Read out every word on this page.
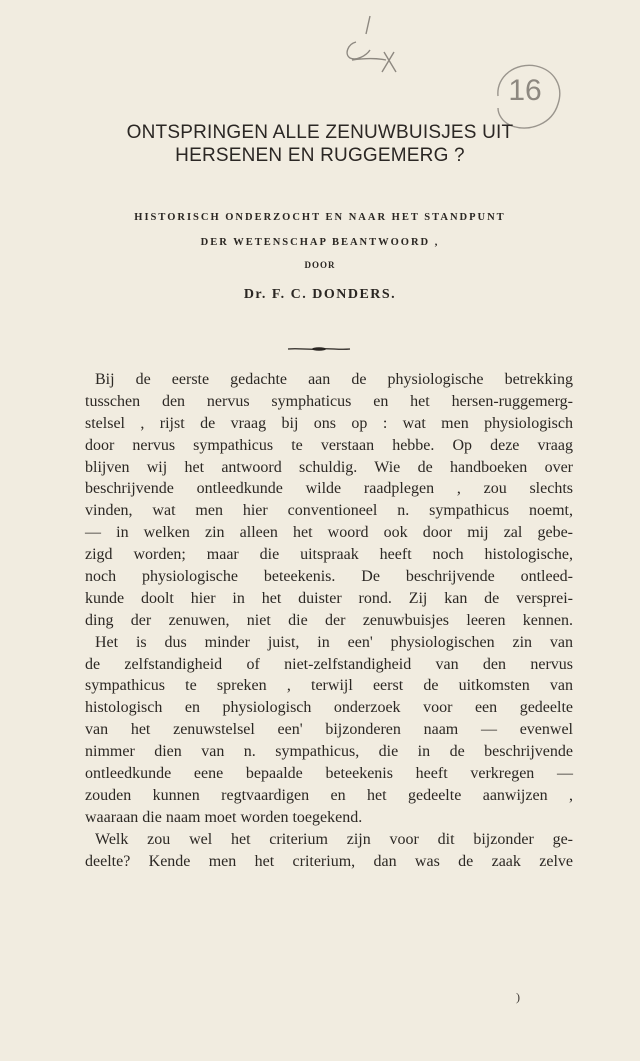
16
ONTSPRINGEN ALLE ZENUWBUISJES UIT
HERSENEN EN RUGGEMERG ?
HISTORISCH ONDERZOCHT EN NAAR HET STANDPUNT
DER WETENSCHAP BEANTWOORD ,
DOOR
Dr. F. C. DONDERS.
Bij de eerste gedachte aan de physiologische betrekking
tusschen den nervus symphaticus en het hersen-ruggemerg-
stelsel , rijst de vraag bij ons op : wat men physiologisch
door nervus sympathicus te verstaan hebbe. Op deze vraag
blijven wij het antwoord schuldig. Wie de handboeken over
beschrijvende ontleedkunde wilde raadplegen , zou slechts
vinden, wat men hier conventioneel n. sympathicus noemt,
— in welken zin alleen het woord ook door mij zal gebe-
zigd worden; maar die uitspraak heeft noch histologische,
noch physiologische beteekenis. De beschrijvende ontleed-
kunde doolt hier in het duister rond. Zij kan de versprei-
ding der zenuwen, niet die der zenuwbuisjes leeren kennen.
Het is dus minder juist, in een' physiologischen zin van
de zelfstandigheid of niet-zelfstandigheid van den nervus
sympathicus te spreken , terwijl eerst de uitkomsten van
histologisch en physiologisch onderzoek voor een gedeelte
van het zenuwstelsel een' bijzonderen naam — evenwel
nimmer dien van n. sympathicus, die in de beschrijvende
ontleedkunde eene bepaalde beteekenis heeft verkregen —
zouden kunnen regtvaardigen en het gedeelte aanwijzen ,
waaraan die naam moet worden toegekend.
Welk zou wel het criterium zijn voor dit bijzonder ge-
deelte? Kende men het criterium, dan was de zaak zelve
)
